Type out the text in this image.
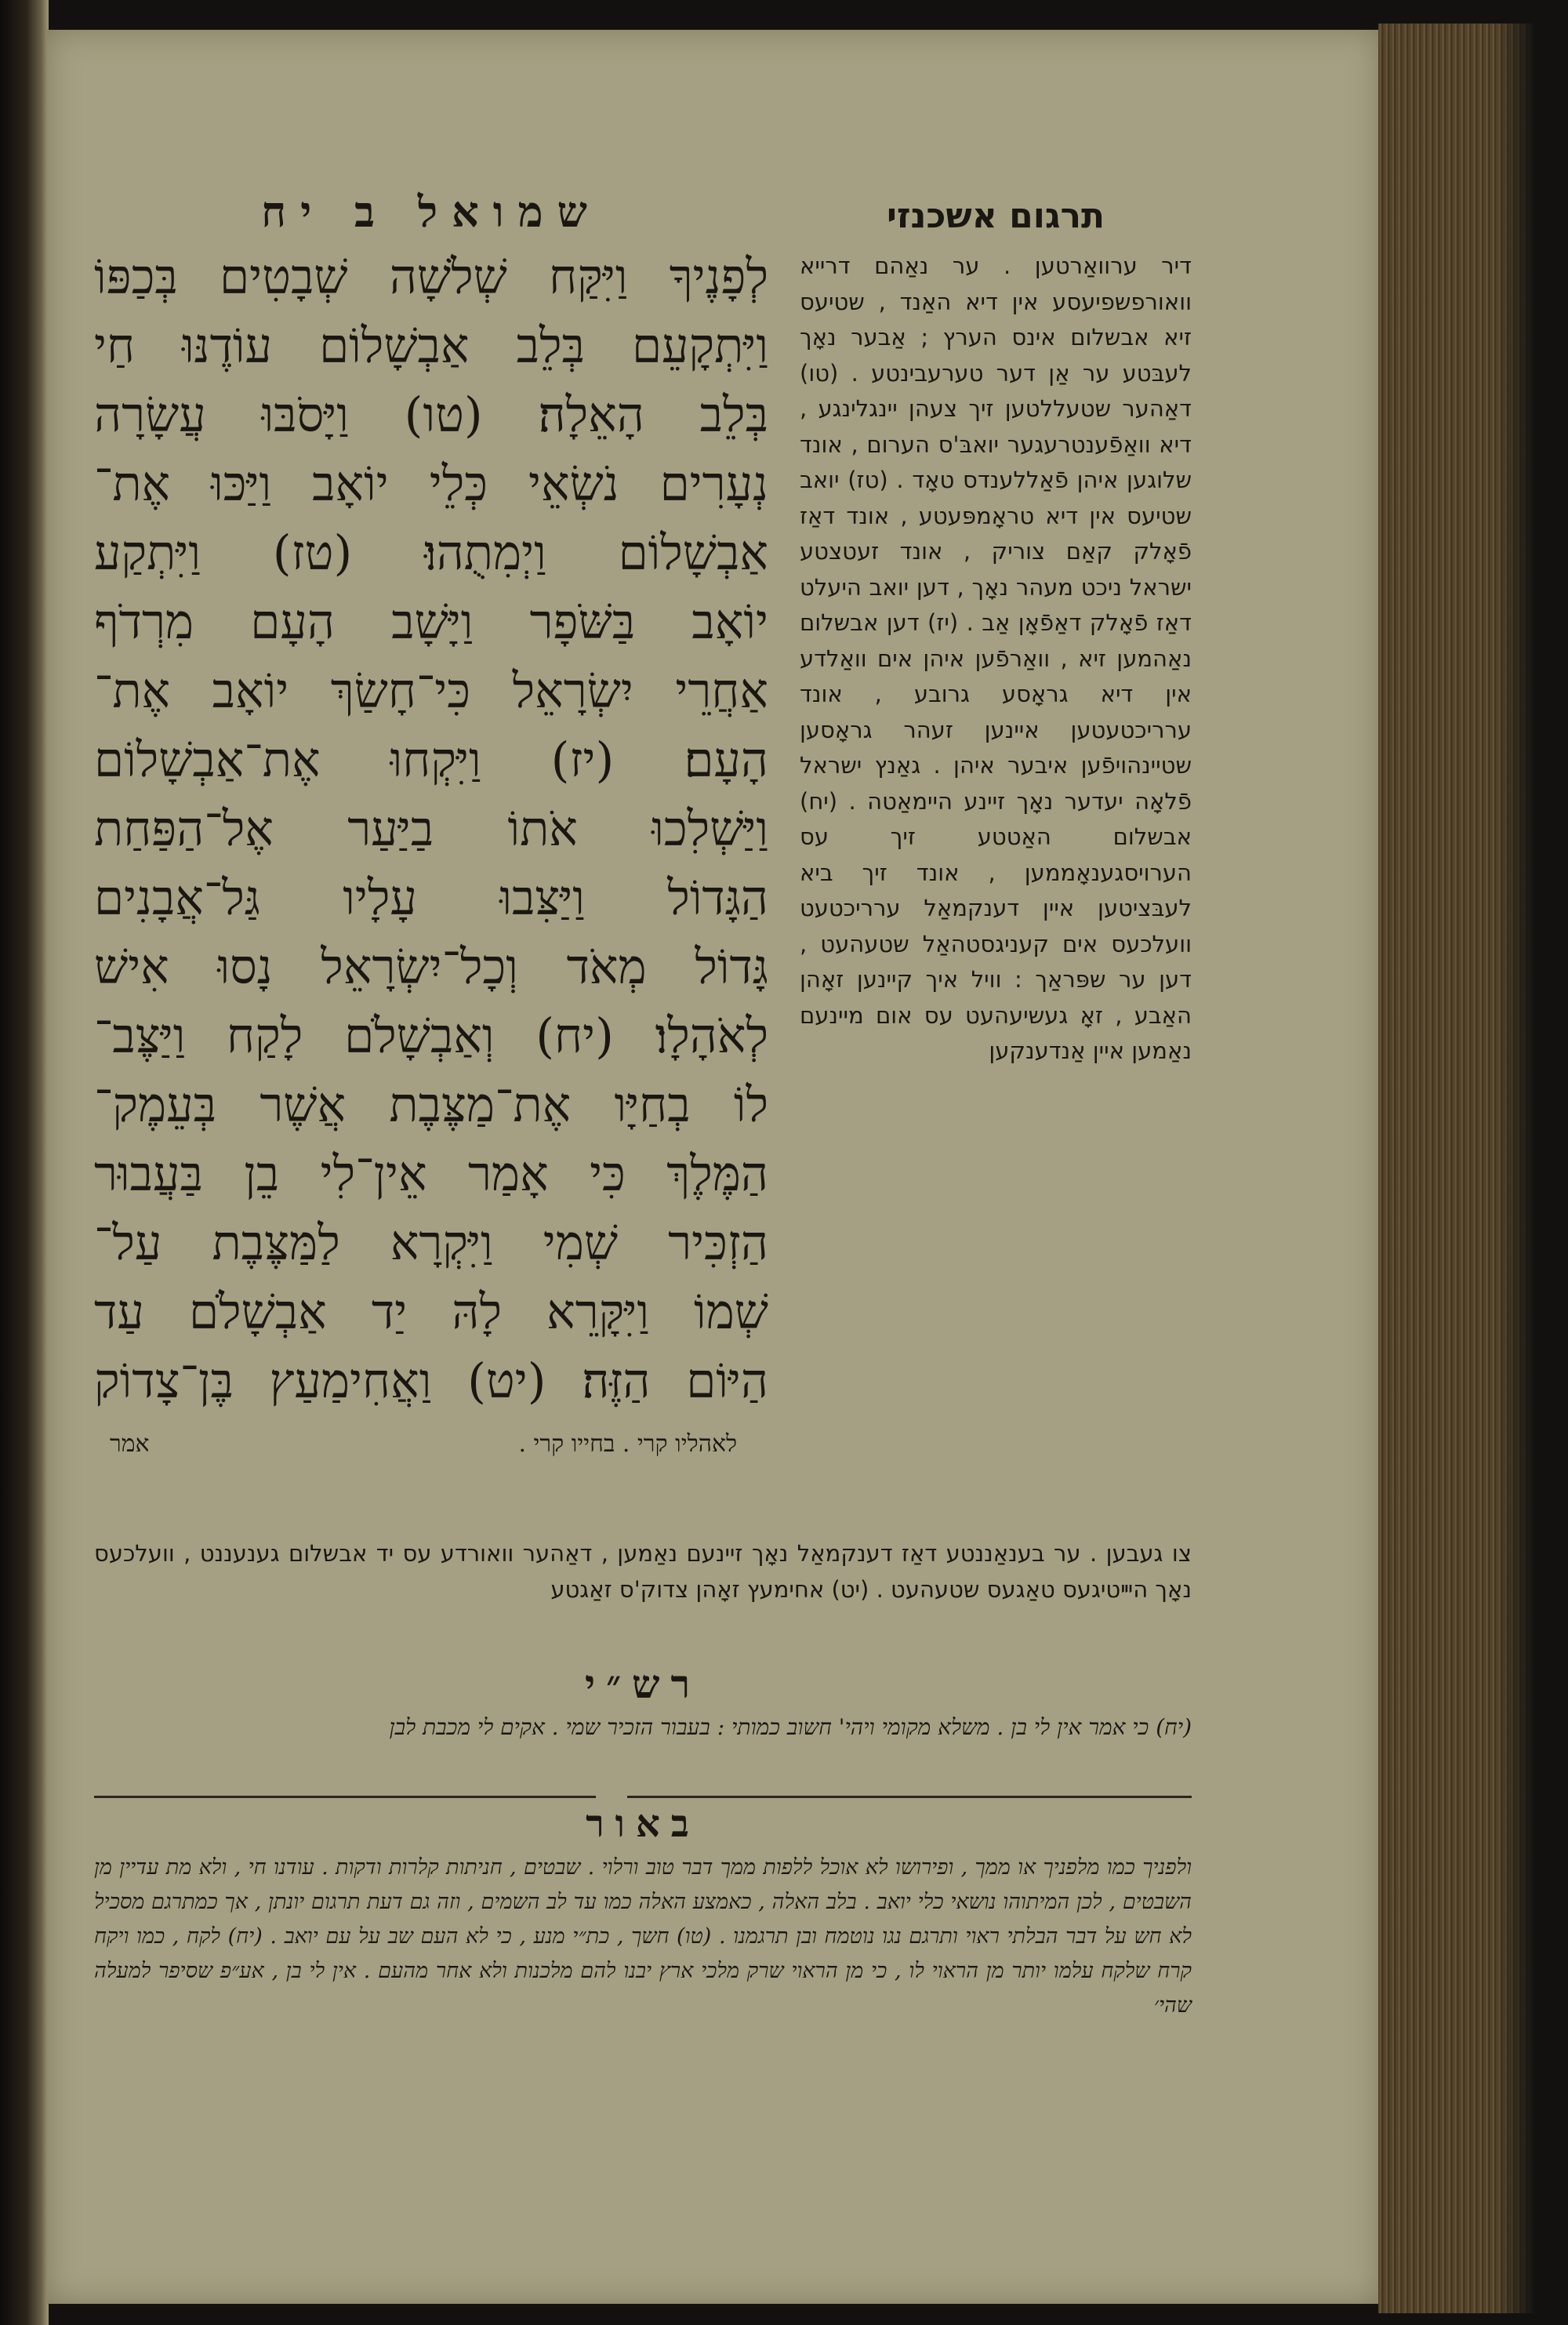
תרגום אשכנזי

דיר ערוואַרטען . ער נאַהם דרייא וואורפשפיעסע אין דיא האַנד , שטיעס זיא אבשלום אינס הערץ ; אַבער נאָך לעבּטע ער אַן דער טערעבינטע . (טו) דאַהער שטעללטען זיך צעהן יינגלינגע , דיא וואַפֿענטרעגער יואבּ'ס הערום , אונד שלוגען איהן פֿאַללענדס טאָד . (טז) יואב שטיעס אין דיא טראָמפּעטע , אונד דאַז פֿאָלק קאַם צוריק , אונד זעטצטע ישראל ניכט מעהר נאָך , דען יואב היעלט דאַז פֿאָלק דאַפֿאָן אַב . (יז) דען אבשלום נאַהמען זיא , וואַרפֿען איהן אים וואַלדע אין דיא גראָסע גרובע , אונד ערריכטעטען איינען זעהר גראָסען שטיינהויפֿען איבער איהן . גאַנץ ישראל פֿלאָה יעדער נאָך זיינע היימאַטה . (יח) אבשלום האַטטע זיך עס הערויסגענאָממען , אונד זיך ביא לעבּציטען איין דענקמאַל ערריכטעט וועלכעס אים קעניגסטהאַל שטעהעט , דען ער שפּראַך : וויל איך קיינען זאָהן האַבע , זאָ געשיעהעט עס אום מיינעם נאַמען איין אַנדענקען

שמואל ב יח
לְפָנֶיךָ וַיִּקַּח שְׁלֹשָׁה שְׁבָטִים בְּכַפּוֹ
וַיִּתְקָעֵם בְּלֵב אַבְשָׁלוֹם עוֹדֶנּוּ חַי
בְּלֵב הָאֵלָה׃ (טו) וַיָּסֹבּוּ עֲשָׂרָה
נְעָרִים נֹשְׂאֵי כְּלֵי יוֹאָב וַיַּכּוּ אֶת־
אַבְשָׁלוֹם וַיְמִתֻהוּ׃ (טז) וַיִּתְקַע
יוֹאָב בַּשֹּׁפָר וַיָּשָׁב הָעָם מִרְדֹף
אַחֲרֵי יִשְׂרָאֵל כִּי־חָשַׂךְ יוֹאָב אֶת־
הָעָם׃ (יז) וַיִּקְחוּ אֶת־אַבְשָׁלוֹם
וַיַּשְׁלִכוּ אֹתוֹ בַיַּעַר אֶל־הַפַּחַת
הַגָּדוֹל וַיַּצִּבוּ עָלָיו גַּל־אֲבָנִים
גָּדוֹל מְאֹד וְכָל־יִשְׂרָאֵל נָסוּ אִישׁ
לְאֹהָלָו׃ (יח) וְאַבְשָׁלֹם לָקַח וַיַּצֶּב־
לוֹ בְחַיָּו אֶת־מַצֶּבֶת אֲשֶׁר בְּעֵמֶק־
הַמֶּלֶךְ כִּי אָמַר אֵין־לִי בֵן בַּעֲבוּר
הַזְכִּיר שְׁמִי וַיִּקְרָא לַמַּצֶּבֶת עַל־
שְׁמוֹ וַיִּקָּרֵא לָהּ יַד אַבְשָׁלֹם עַד
הַיּוֹם הַזֶּה׃ (יט) וַאֲחִימַעַץ בֶּן־צָדוֹק
לאהליו קרי . בחייו קרי .
אמר
צו געבען . ער בענאַננטע דאַז דענקמאַל נאָך זיינעם נאַמען , דאַהער וואורדע עס יד אבשלום גענעננט , וועלכעס נאָך היײטיגעס טאַגעס שטעהעט . (יט) אחימעץ זאָהן צדוק'ס זאַגטע
רש״י
(יח) כי אמר אין לי בן . משלא מקומי ויהי' חשוב כמותי : בעבור הזכיר שמי . אקים לי מכבת לבן
באור

ולפניך כמו מלפניך או ממך , ופירושו לא אוכל ללפות ממך דבר טוב ורלוי . שבטים , חניתות קלרות ודקות . עודנו חי , ולא מת עדיין מן השבטים , לכן המיתוהו נושאי כלי יואב . בלב האלה , כאמצע האלה כמו עד לב השמים , וזה גם דעת תרגום יונתן , אך כמתרגם מסכיל לא חש על דבר הבלתי ראוי ותרגם נגו נוטמח ובן תרגמנו . (טו) חשך , כת״י מנע , כי לא העם שב על עם יואב . (יח) לקח , כמו ויקח קרח שלקח עלמו יותר מן הראוי לו , כי מן הראוי שרק מלכי ארץ יבנו להם מלכנות ולא אחר מהעם . אין לי בן , אע״פ שסיפר למעלה שהי׳
